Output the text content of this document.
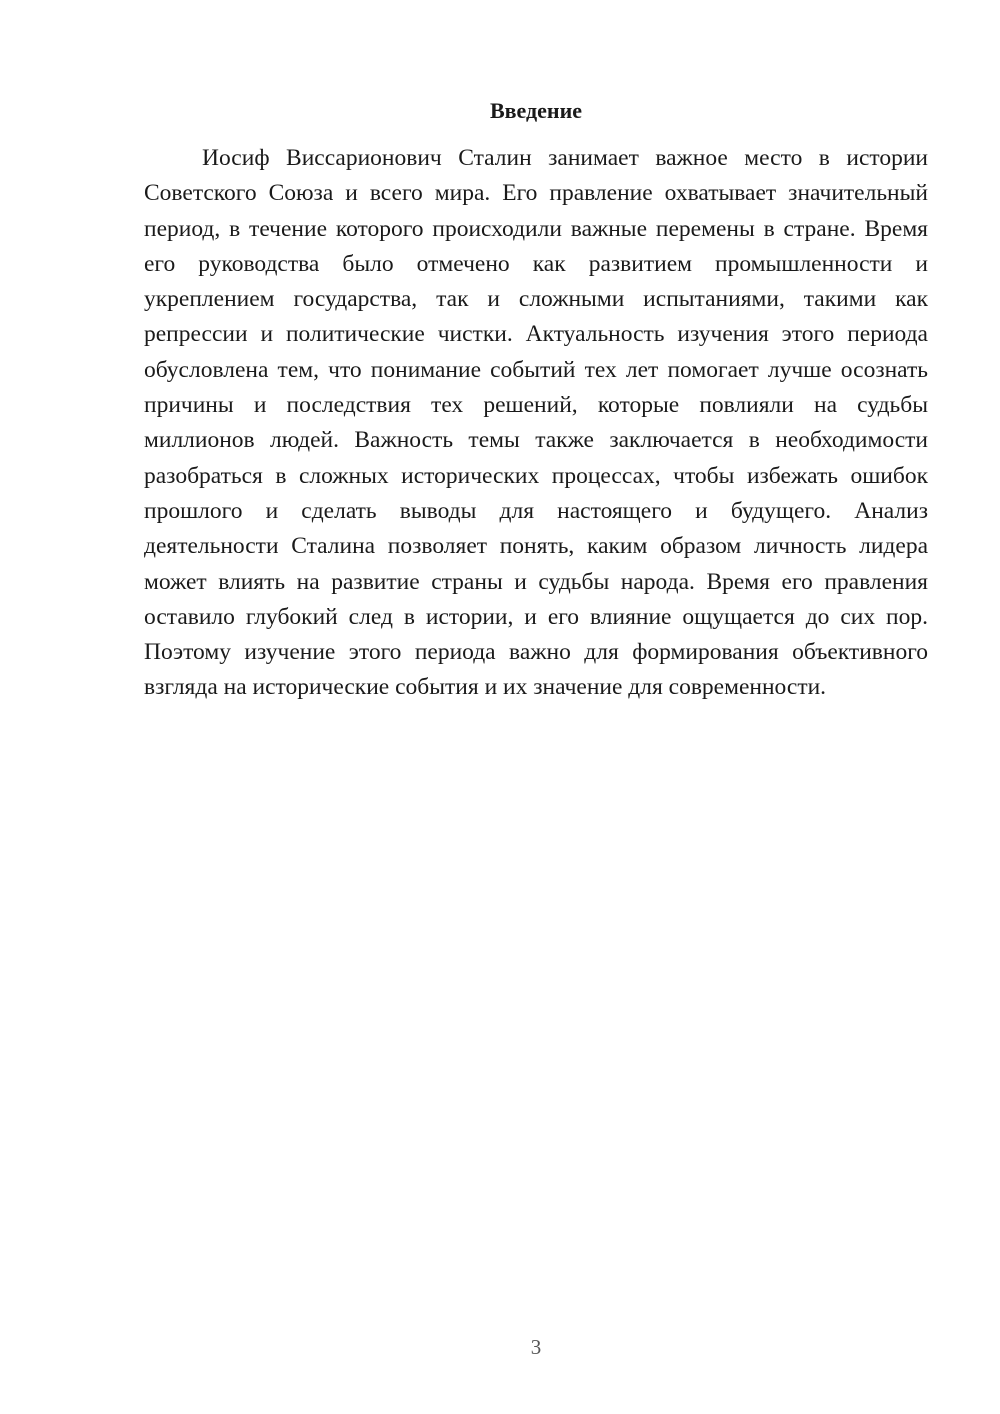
Введение

Иосиф Виссарионович Сталин занимает важное место в истории Советского Союза и всего мира. Его правление охватывает значительный период, в течение которого происходили важные перемены в стране. Время его руководства было отмечено как развитием промышленности и укреплением государства, так и сложными испытаниями, такими как репрессии и политические чистки. Актуальность изучения этого периода обусловлена тем, что понимание событий тех лет помогает лучше осознать причины и последствия тех решений, которые повлияли на судьбы миллионов людей. Важность темы также заключается в необходимости разобраться в сложных исторических процессах, чтобы избежать ошибок прошлого и сделать выводы для настоящего и будущего. Анализ деятельности Сталина позволяет понять, каким образом личность лидера может влиять на развитие страны и судьбы народа. Время его правления оставило глубокий след в истории, и его влияние ощущается до сих пор. Поэтому изучение этого периода важно для формирования объективного взгляда на исторические события и их значение для современности.

3
